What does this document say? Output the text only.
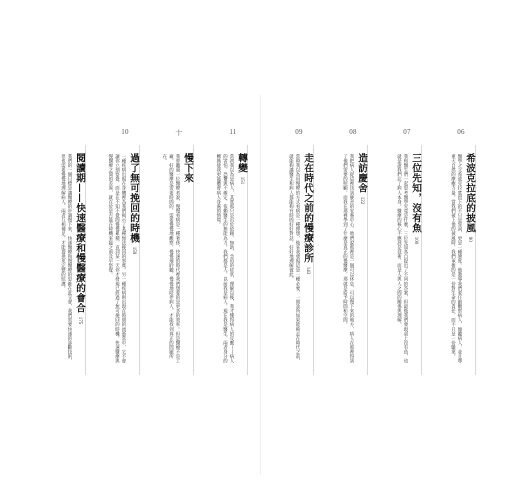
11
轉變 151
當初我以為是病人，其實那只是出於依賴、無助、急迫的症狀，理解以後，我才懂得病人的反應——病人的害怕，恐懼與不確定、依賴醫生的無能為力。我們都是人，以前我是病人，現在我是醫生，兩者身分的轉換使我更能體會病人身處的情境。
十
慢下來
我曾聽過一位醫療者說，慢慢看病是一種奢侈，快速的時代裡我們想要的是更多的效率。但是醫療不是工廠，好的醫療是需要時間的，需要慢慢地觀察，慢慢地聆聽，慢慢地陪伴病人，才能找到真正的問題所在。
10
過了無可挽回的時機 159
一種疾病出現在身體裡為我們揭示了某種無法挽回的事實。另一種疾病則出現在時間的流逝當中，它不會讓你立刻察覺，而是在不知不覺間慢慢累積，直到某一天你才發現已經過了無可挽回的時機。快速醫療與慢醫療之間的差異，就在於是否能在時機來臨之前及早察覺。
閱讀期——快速醫療和慢醫療的會合 175
我們的一個目標是讓醫療的步調慢下來，快速醫療和慢醫療的思維在此交會，我們需要快速的診斷技術，但也需要慢慢地理解病人，兩者互相補足，才能提供更完整的照護。
09
走在時代之前的慢療診所 143
當時我以為用慢療的方式看病是一種理想，後來我發現這是一種必要，一間診所如果能夠走在時代之前，就能夠讓醫生和病人都能夠有時間好好對話，好好地理解彼此。
08
造訪慶舍 122
我把病人從這裡送到慶舍的安養中心，他們說那裡是一個可以休息、可以慢下來的地方，病人在那裡得到了他們需要的照顧，而我在那裡學到了什麼是真正的慢醫療，那就是給予時間和空間。
07
三位先知，沒有魚 100
我和醫生們一起思考醫學究竟是什麼，三位先知各自提出了不同的答案，但最後我們發現桌上沒有魚，也就是說我們忘了病人本身。醫療的核心不應該是技術，而是人與人之間的關係與理解。
06
希波克拉底的披風 90
醫學之父希波克拉底留下的不只是誓詞，更是一種態度。他教導我們要仔細觀察病人，傾聽病人，並且尊重大自然的療癒力量。當我們披上他的披風時，我們承擔的是一份對生命的責任，而不只是一份職業。
